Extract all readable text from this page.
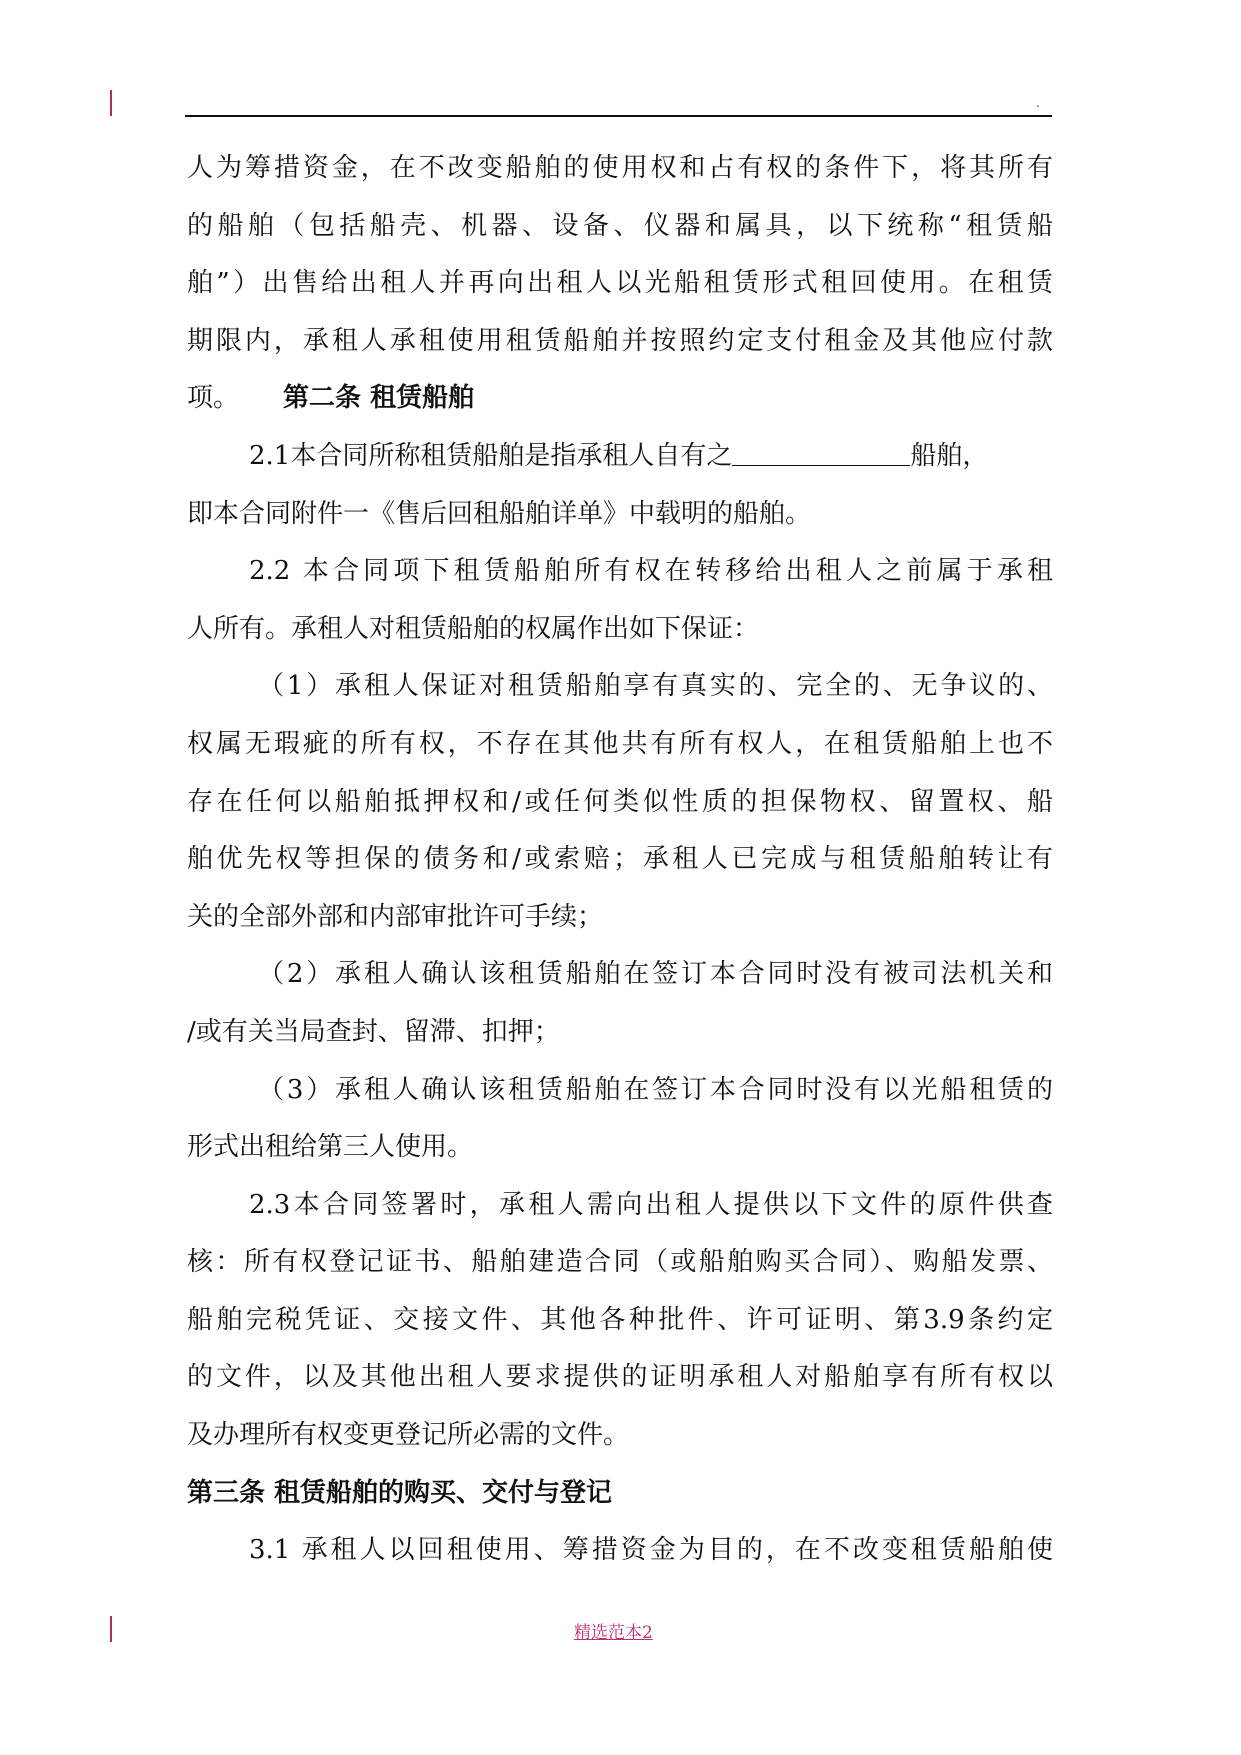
.
人为筹措资金，在不改变船舶的使用权和占有权的条件下，将其所有
的船舶（包括船壳、机器、设备、仪器和属具，以下统称“租赁船
舶”）出售给出租人并再向出租人以光船租赁形式租回使用。在租赁
期限内，承租人承租使用租赁船舶并按照约定支付租金及其他应付款
项。 第二条 租赁船舶
2.1本合同所称租赁船舶是指承租人自有之	船舶，
即本合同附件一《售后回租船舶详单》中载明的船舶。
2.2 本合同项下租赁船舶所有权在转移给出租人之前属于承租
人所有。承租人对租赁船舶的权属作出如下保证：
（1）承租人保证对租赁船舶享有真实的、完全的、无争议的、
权属无瑕疵的所有权，不存在其他共有所有权人，在租赁船舶上也不
存在任何以船舶抵押权和/或任何类似性质的担保物权、留置权、船
舶优先权等担保的债务和/或索赔；承租人已完成与租赁船舶转让有
关的全部外部和内部审批许可手续；
（2）承租人确认该租赁船舶在签订本合同时没有被司法机关和
/或有关当局查封、留滞、扣押；
（3）承租人确认该租赁船舶在签订本合同时没有以光船租赁的
形式出租给第三人使用。
2.3本合同签署时，承租人需向出租人提供以下文件的原件供查
核：所有权登记证书、船舶建造合同（或船舶购买合同）、购船发票、
船舶完税凭证、交接文件、其他各种批件、许可证明、第3.9条约定
的文件，以及其他出租人要求提供的证明承租人对船舶享有所有权以
及办理所有权变更登记所必需的文件。
第三条 租赁船舶的购买、交付与登记
3.1 承租人以回租使用、筹措资金为目的，在不改变租赁船舶使
精选范本2
